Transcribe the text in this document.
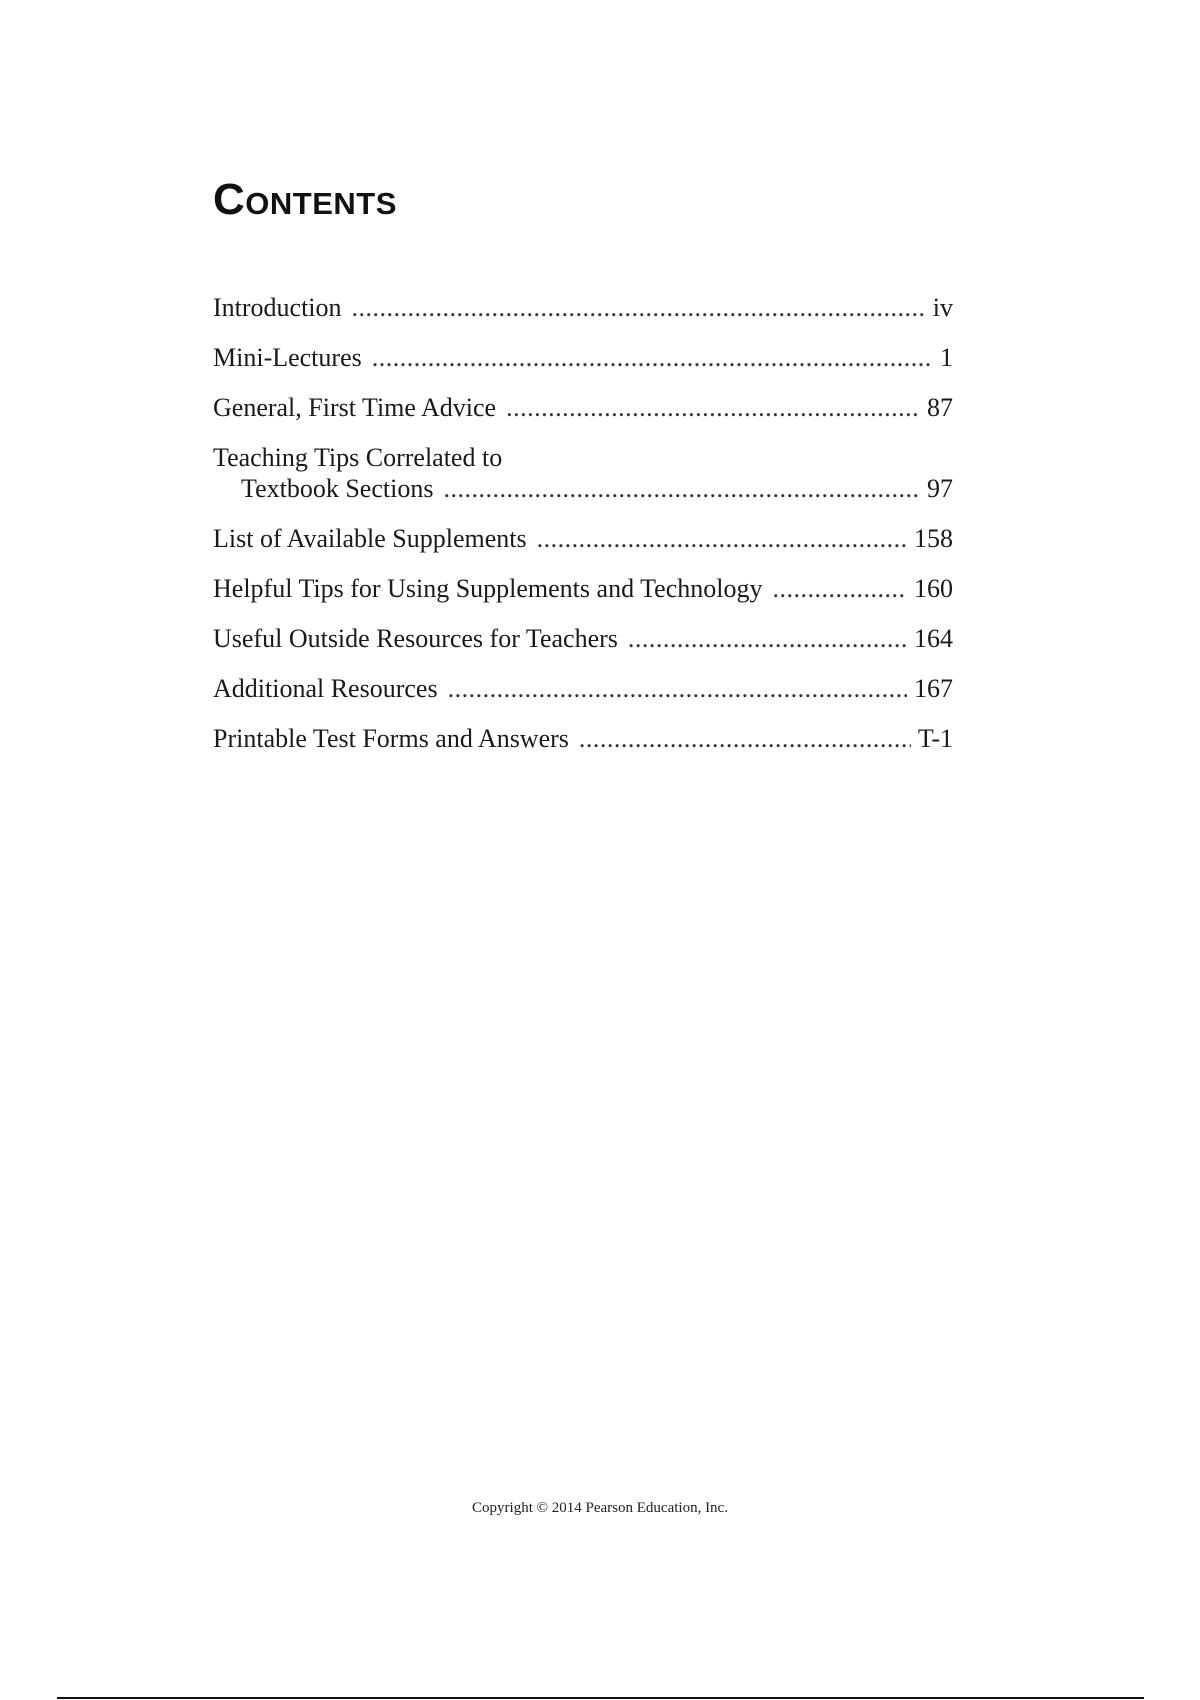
Contents
Introduction .....	iv
Mini-Lectures .....	1
General, First Time Advice .....	87
Teaching Tips Correlated to
Textbook Sections .....	97
List of Available Supplements .....	158
Helpful Tips for Using Supplements and Technology .....	160
Useful Outside Resources for Teachers .....	164
Additional Resources .....	167
Printable Test Forms and Answers .....	T-1
Copyright © 2014 Pearson Education, Inc.
